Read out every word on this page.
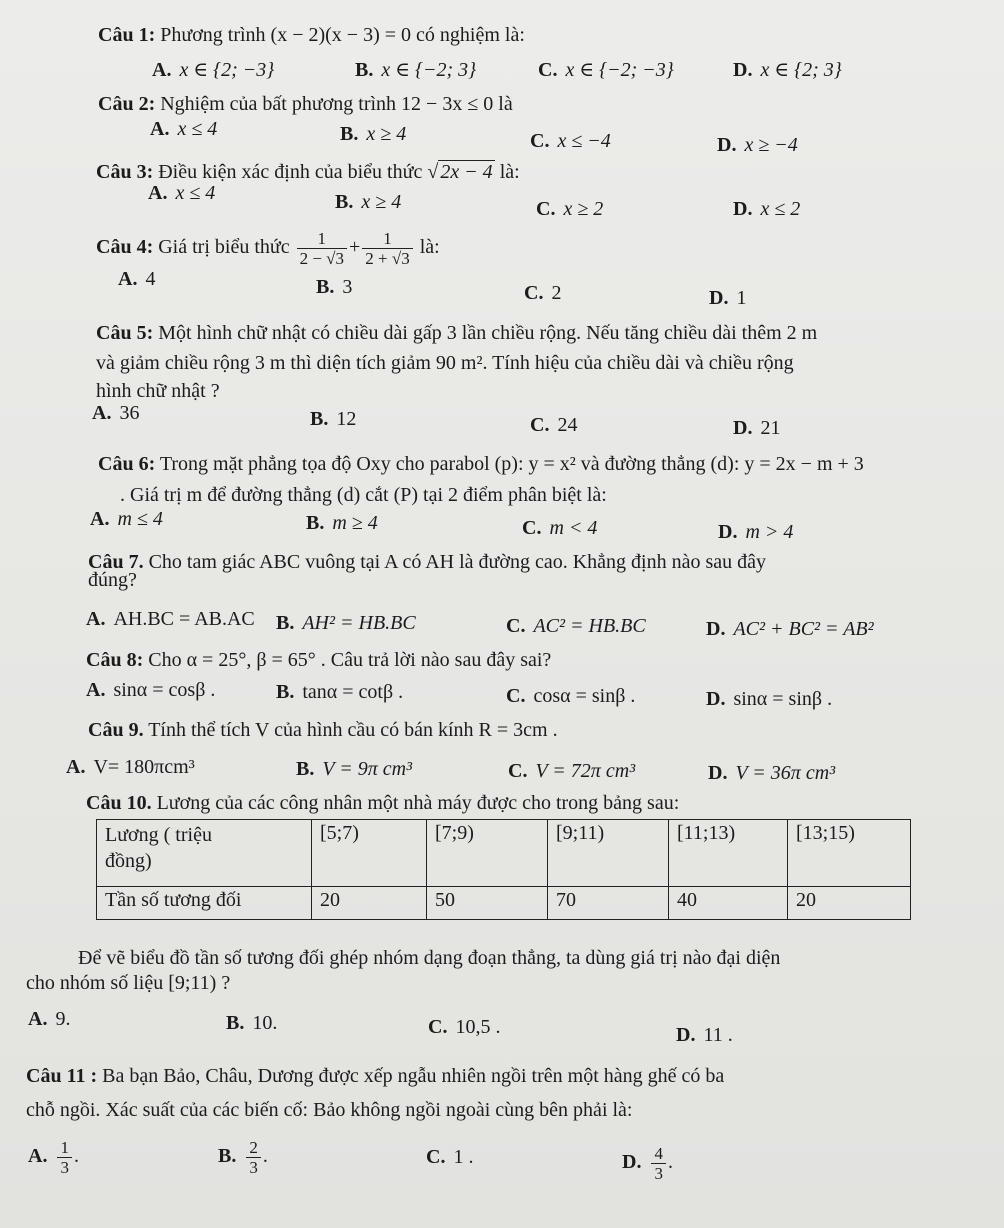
Câu 1: Phương trình (x − 2)(x − 3) = 0 có nghiệm là:
A. x ∈ {2; −3}	B. x ∈ {−2; 3}	C. x ∈ {−2; −3}	D. x ∈ {2; 3}
Câu 2: Nghiệm của bất phương trình 12 − 3x ≤ 0 là
A. x ≤ 4	B. x ≥ 4	C. x ≤ −4	D. x ≥ −4
Câu 3: Điều kiện xác định của biểu thức √ 2x − 4 là:
A. x ≤ 4	B. x ≥ 4	C. x ≥ 2	D. x ≤ 2
Câu 4: Giá trị biểu thức $\frac{1}{2 - √3} + \frac{1}{2 + √3}$ là:
A. 4	B. 3	C. 2	D. 1
Câu 5: Một hình chữ nhật có chiều dài gấp 3 lần chiều rộng. Nếu tăng chiều dài thêm 2 m
và giảm chiều rộng 3 m thì diện tích giảm 90 m². Tính hiệu của chiều dài và chiều rộng
hình chữ nhật ?
A. 36	B. 12	C. 24	D. 21
Câu 6: Trong mặt phẳng tọa độ Oxy cho parabol (p): y = x² và đường thẳng (d): y = 2x − m + 3
. Giá trị m để đường thẳng (d) cắt (P) tại 2 điểm phân biệt là:
A. m ≤ 4	B. m ≥ 4	C. m < 4	D. m > 4
Câu 7. Cho tam giác ABC vuông tại A có AH là đường cao. Khẳng định nào sau đây
đúng?
A. AH.BC = AB.AC B. AH² = HB.BC	C. AC² = HB.BC	D. AC² + BC² = AB²
Câu 8: Cho α = 25°, β = 65° . Câu trả lời nào sau đây sai?
A. sinα = cosβ .	B. tanα = cotβ .	C. cosα = sinβ .	D. sinα = sinβ .
Câu 9. Tính thể tích V của hình cầu có bán kính R = 3cm .
A. V= 180πcm³	B. V = 9π cm³	C. V = 72π cm³	D. V = 36π cm³
Câu 10. Lương của các công nhân một nhà máy được cho trong bảng sau:
Lương ( triệu
đồng)	[5;7)	[7;9)	[9;11)	[11;13)	[13;15)
Tần số tương đối	20	50	70	40	20
Để vẽ biểu đồ tần số tương đối ghép nhóm dạng đoạn thẳng, ta dùng giá trị nào đại diện
cho nhóm số liệu [9;11) ?
A. 9.	B. 10.	C. 10,5 .	D. 11 .
Câu 11 : Ba bạn Bảo, Châu, Dương được xếp ngẫu nhiên ngồi trên một hàng ghế có ba
chỗ ngồi. Xác suất của các biến cố: Bảo không ngồi ngoài cùng bên phải là:
A. $\frac{1}{3}$ .	B. $\frac{2}{3}$ .	C. 1 .	D. $\frac{4}{3}$ .
